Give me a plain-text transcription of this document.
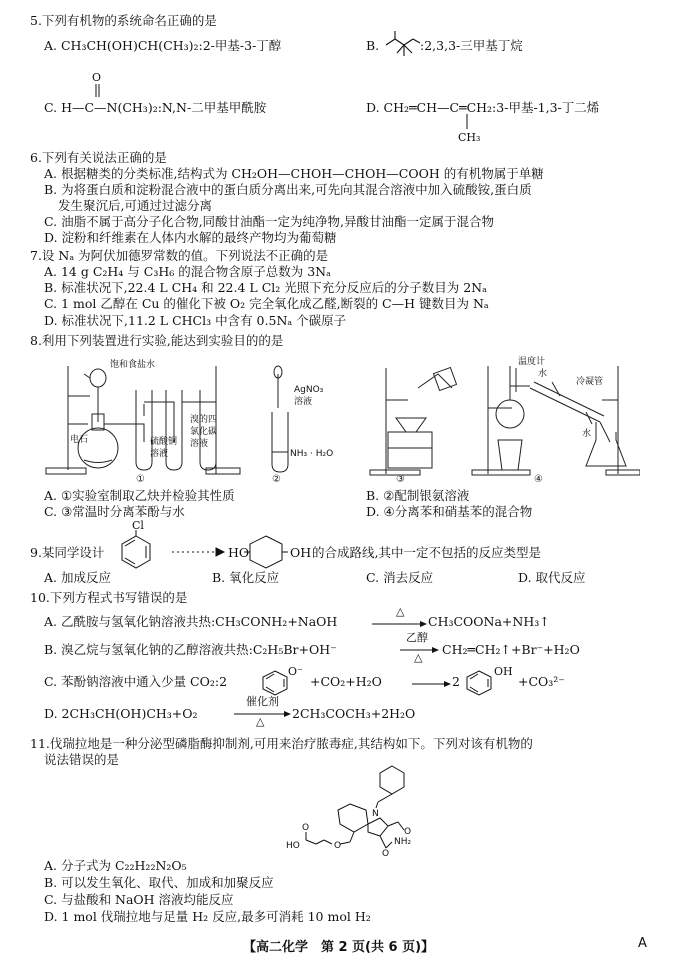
5.下列有机物的系统命名正确的是
A. CH₃CH(OH)CH(CH₃)₂:2-甲基-3-丁醇	B.	:2,3,3-三甲基丁烷
O
C. H—C—N(CH₃)₂:N,N-二甲基甲酰胺	D. CH₂═CH—C═CH₂:3-甲基-1,3-丁二烯
CH₃
6.下列有关说法正确的是
A. 根据糖类的分类标准,结构式为 CH₂OH—CHOH—CHOH—COOH 的有机物属于单糖
B. 为将蛋白质和淀粉混合液中的蛋白质分离出来,可先向其混合溶液中加入硫酸铵,蛋白质
发生聚沉后,可通过过滤分离
C. 油脂不属于高分子化合物,同酸甘油酯一定为纯净物,异酸甘油酯一定属于混合物
D. 淀粉和纤维素在人体内水解的最终产物均为葡萄糖
7.设 Nₐ 为阿伏加德罗常数的值。下列说法不正确的是
A. 14 g C₂H₄ 与 C₃H₆ 的混合物含原子总数为 3Nₐ
B. 标准状况下,22.4 L CH₄ 和 22.4 L Cl₂ 光照下充分反应后的分子数目为 2Nₐ
C. 1 mol 乙醇在 Cu 的催化下被 O₂ 完全氧化成乙醛,断裂的 C—H 键数目为 Nₐ
D. 标准状况下,11.2 L CHCl₃ 中含有 0.5Nₐ 个碳原子
8.利用下列装置进行实验,能达到实验目的的是
饱和食盐水
电石	硫酸铜
溶液
溴的四
氯化碳
溶液
AgNO₃
溶液
NH₃ · H₂O
温度计
水
冷凝管
水
①	②	③	④
A. ①实验室制取乙炔并检验其性质	B. ②配制银氨溶液
C. ③常温时分离苯酚与水	D. ④分离苯和硝基苯的混合物
9.某同学设计
Cl
HO	OH 的合成路线,其中一定不包括的反应类型是
A. 加成反应	B. 氧化反应	C. 消去反应	D. 取代反应
10.下列方程式书写错误的是
A. 乙酰胺与氢氧化钠溶液共热:CH₃CONH₂+NaOH
△
CH₃COONa+NH₃↑
B. 溴乙烷与氢氧化钠的乙醇溶液共热:C₂H₅Br+OH⁻
乙醇
△
CH₂═CH₂↑+Br⁻+H₂O
C. 苯酚钠溶液中通入少量 CO₂:2
O⁻
+CO₂+H₂O	2
OH
+CO₃²⁻
D. 2CH₃CH(OH)CH₃+O₂
催化剂
△
2CH₃COCH₃+2H₂O
11.伐瑞拉地是一种分泌型磷脂酶抑制剂,可用来治疗脓毒症,其结构如下。下列对该有机物的
说法错误的是
N
O
NH₂
HO
O
O
O
A. 分子式为 C₂₂H₂₂N₂O₅
B. 可以发生氧化、取代、加成和加聚反应
C. 与盐酸和 NaOH 溶液均能反应
D. 1 mol 伐瑞拉地与足量 H₂ 反应,最多可消耗 10 mol H₂
【高二化学　第 2 页(共 6 页)】	A
